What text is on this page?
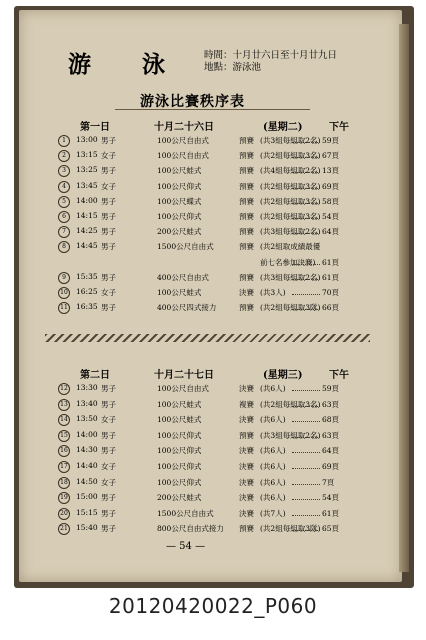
游 泳	時間：十月廿六日至十月廿九日
地點：游泳池
游泳比賽秩序表
第一日	十月二十六日	(星期二)	下午
1	13:00 男子	100公尺自由式	預賽 (共3組每組取2名) 59頁
2	13:15 女子	100公尺自由式	預賽 (共2組每組取3名) 67頁
3	13:25 男子	100公尺蛙式	預賽 (共4組每組取2名) 13頁
4	13:45 女子	100公尺仰式	預賽 (共2組每組取3名) 69頁
5	14:00 男子	100公尺蝶式	預賽 (共2組每組取3名) 58頁
6	14:15 男子	100公尺仰式	預賽 (共2組每組取3名) 54頁
7	14:25 男子	200公尺蛙式	預賽 (共3組每組取2名) 64頁
8	14:45 男子	1500公尺自由式	預賽 (共2組取成績最優
前七名參加決賽) 61頁
9	15:35 男子	400公尺自由式	預賽 (共3組每組取2名) 61頁
10 16:25 女子	100公尺蛙式	決賽 (共3人)	70頁
11 16:35 男子	400公尺四式接力	預賽 (共2組每組取3隊) 66頁
第二日	十月二十七日	(星期三)	下午
12 13:30 男子	100公尺自由式	決賽 (共6人)	59頁
13 13:40 男子	100公尺蛙式	複賽 (共2組每組取3名) 63頁
14 13:50 女子	100公尺蛙式	決賽 (共6人)	68頁
15 14:00 男子	100公尺仰式	預賽 (共3組每組取2名) 63頁
16 14:30 男子	100公尺仰式	決賽 (共6人)	64頁
17 14:40 女子	100公尺仰式	決賽 (共6人)	69頁
18 14:50 女子	100公尺仰式	決賽 (共6人)	7頁
19 15:00 男子	200公尺蛙式	決賽 (共6人)	54頁
20 15:15 男子	1500公尺自由式	決賽 (共7人)	61頁
21 15:40 男子	800公尺自由式接力 預賽 (共2組每組取3隊) 65頁
— 54 —
20120420022_P060
